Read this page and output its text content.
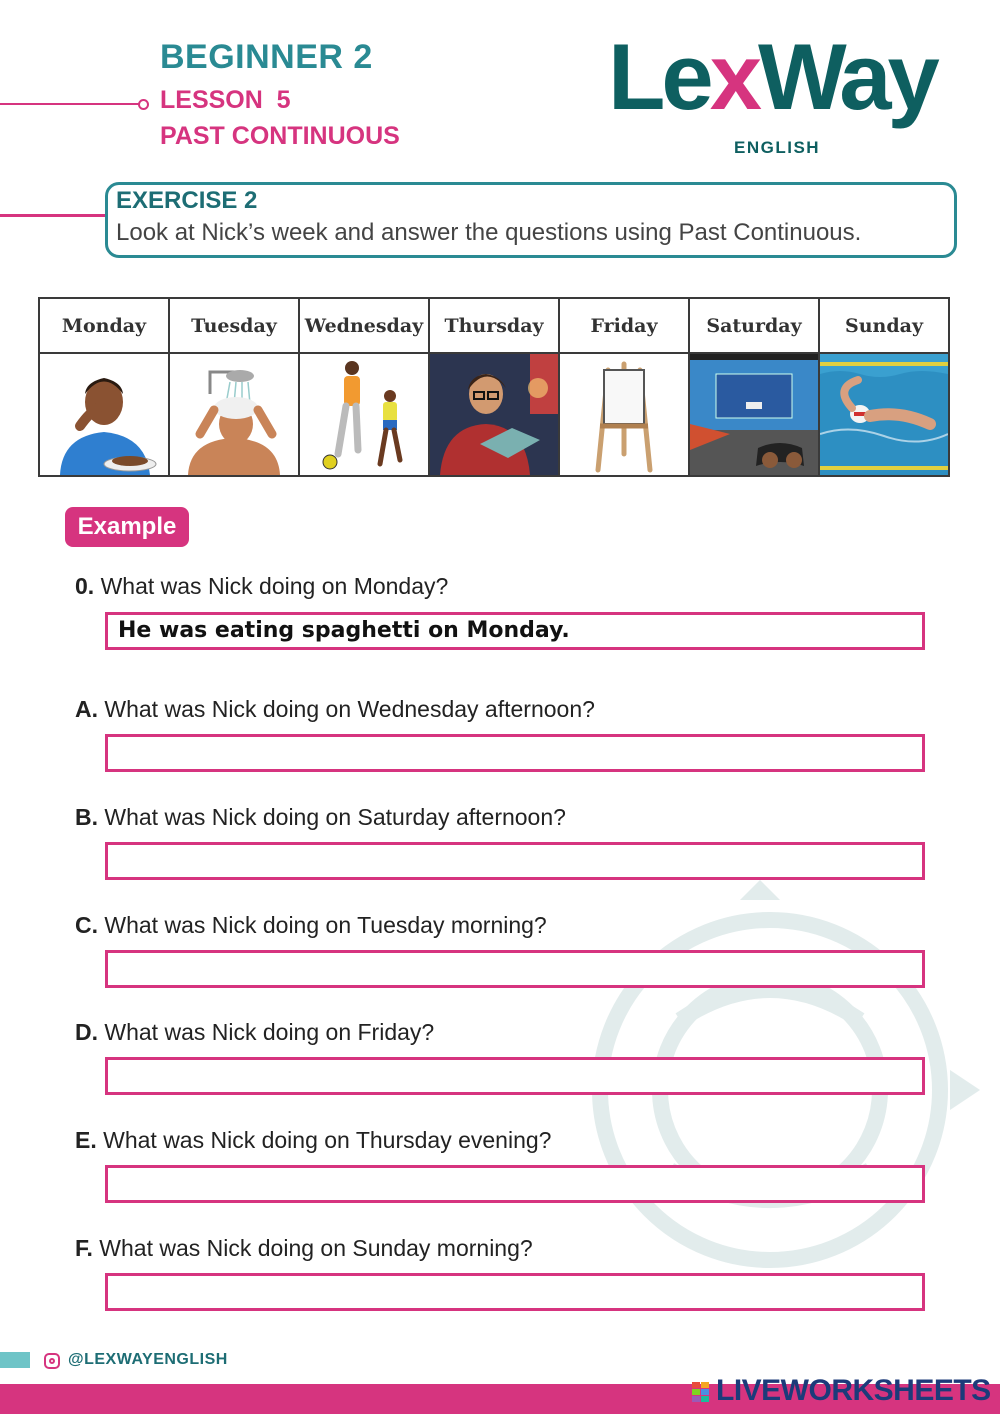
BEGINNER 2
LESSON  5
PAST CONTINUOUS
LexWay
ENGLISH
EXERCISE 2
Look at Nick’s week and answer the questions using Past Continuous.
Monday	Tuesday	Wednesday	Thursday	Friday	Saturday	Sunday

Example
0. What was Nick doing on Monday?
He was eating spaghetti on Monday.
A. What was Nick doing on Wednesday afternoon?
B. What was Nick doing on Saturday afternoon?
C. What was Nick doing on Tuesday morning?
D. What was Nick doing on Friday?
E. What was Nick doing on Thursday evening?
F. What was Nick doing on Sunday morning?
@LEXWAYENGLISH
LIVEWORKSHEETS
